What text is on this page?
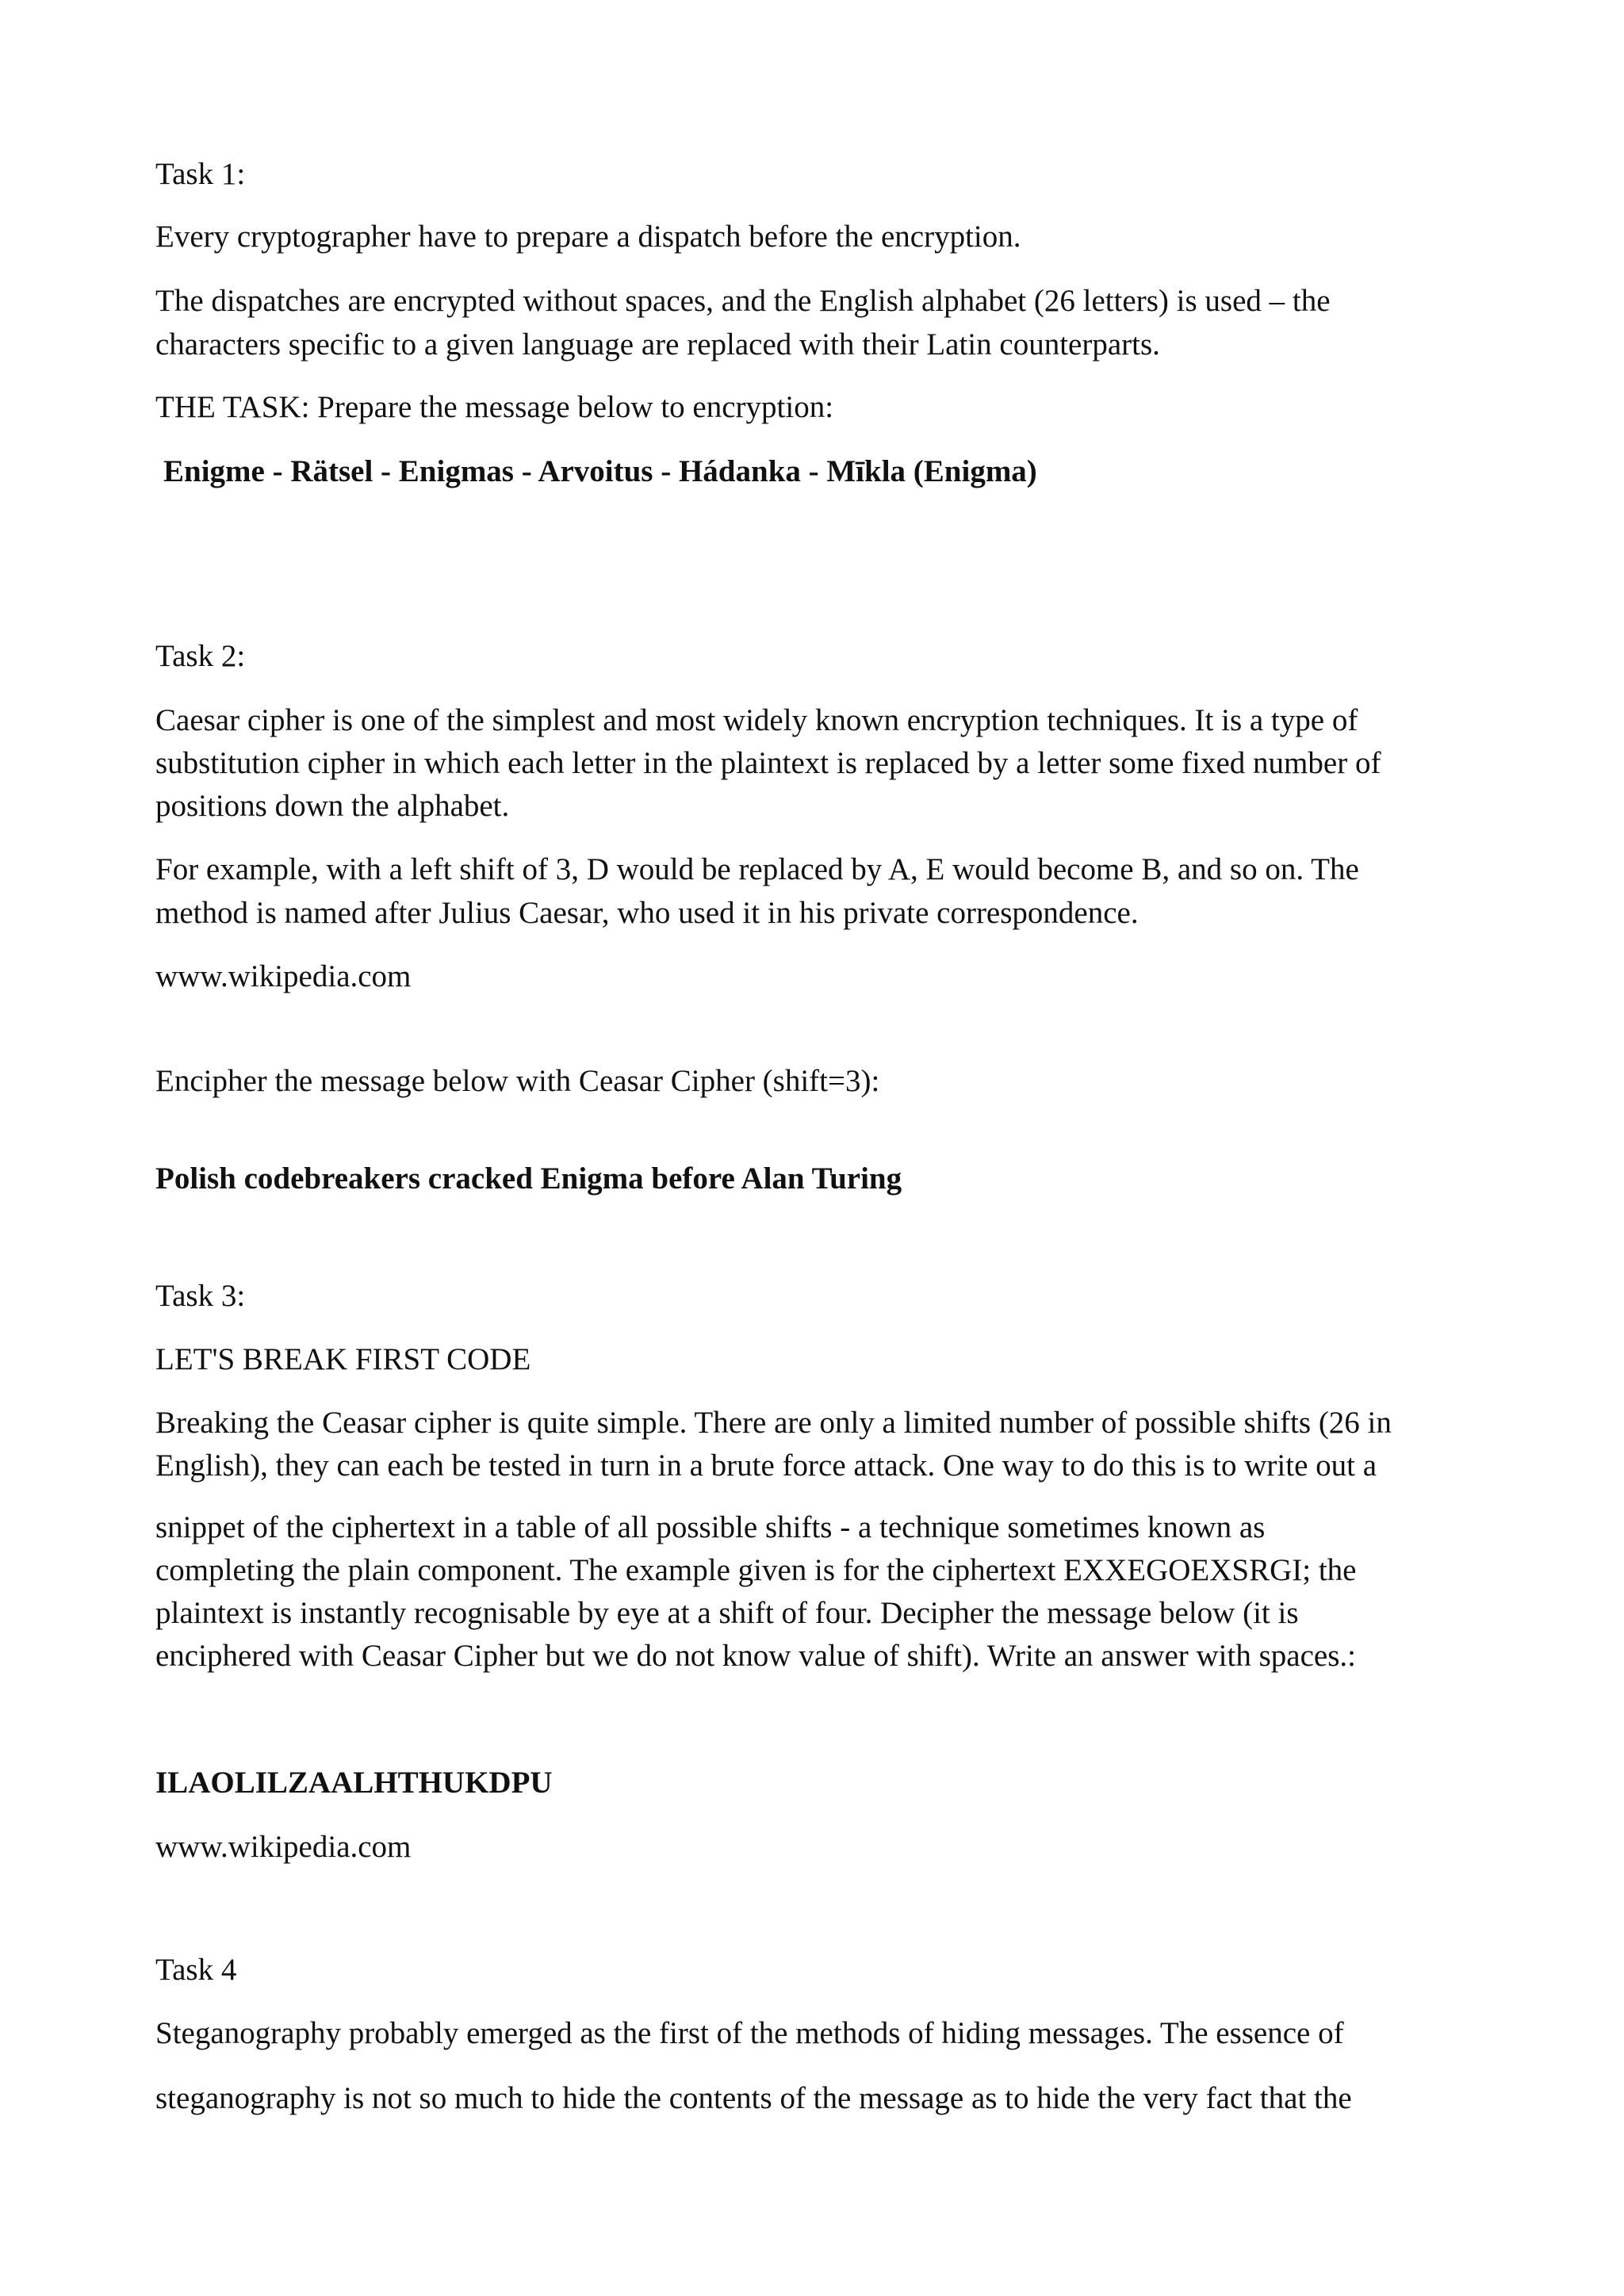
Task 1:

Every cryptographer have to prepare a dispatch before the encryption.

The dispatches are encrypted without spaces, and the English alphabet (26 letters) is used – the

characters specific to a given language are replaced with their Latin counterparts.

THE TASK: Prepare the message below to encryption:

Enigme - Rätsel - Enigmas - Arvoitus - Hádanka - Mīkla (Enigma)

Task 2:

Caesar cipher is one of the simplest and most widely known encryption techniques. It is a type of

substitution cipher in which each letter in the plaintext is replaced by a letter some fixed number of

positions down the alphabet.

For example, with a left shift of 3, D would be replaced by A, E would become B, and so on. The

method is named after Julius Caesar, who used it in his private correspondence.

www.wikipedia.com

Encipher the message below with Ceasar Cipher (shift=3):

Polish codebreakers cracked Enigma before Alan Turing

Task 3:

LET'S BREAK FIRST CODE

Breaking the Ceasar cipher is quite simple. There are only a limited number of possible shifts (26 in

English), they can each be tested in turn in a brute force attack. One way to do this is to write out a

snippet of the ciphertext in a table of all possible shifts - a technique sometimes known as

completing the plain component. The example given is for the ciphertext EXXEGOEXSRGI; the

plaintext is instantly recognisable by eye at a shift of four. Decipher the message below (it is

enciphered with Ceasar Cipher but we do not know value of shift). Write an answer with spaces.:

ILAOLILZAALHTHUKDPU

www.wikipedia.com

Task 4

Steganography probably emerged as the first of the methods of hiding messages. The essence of

steganography is not so much to hide the contents of the message as to hide the very fact that the
